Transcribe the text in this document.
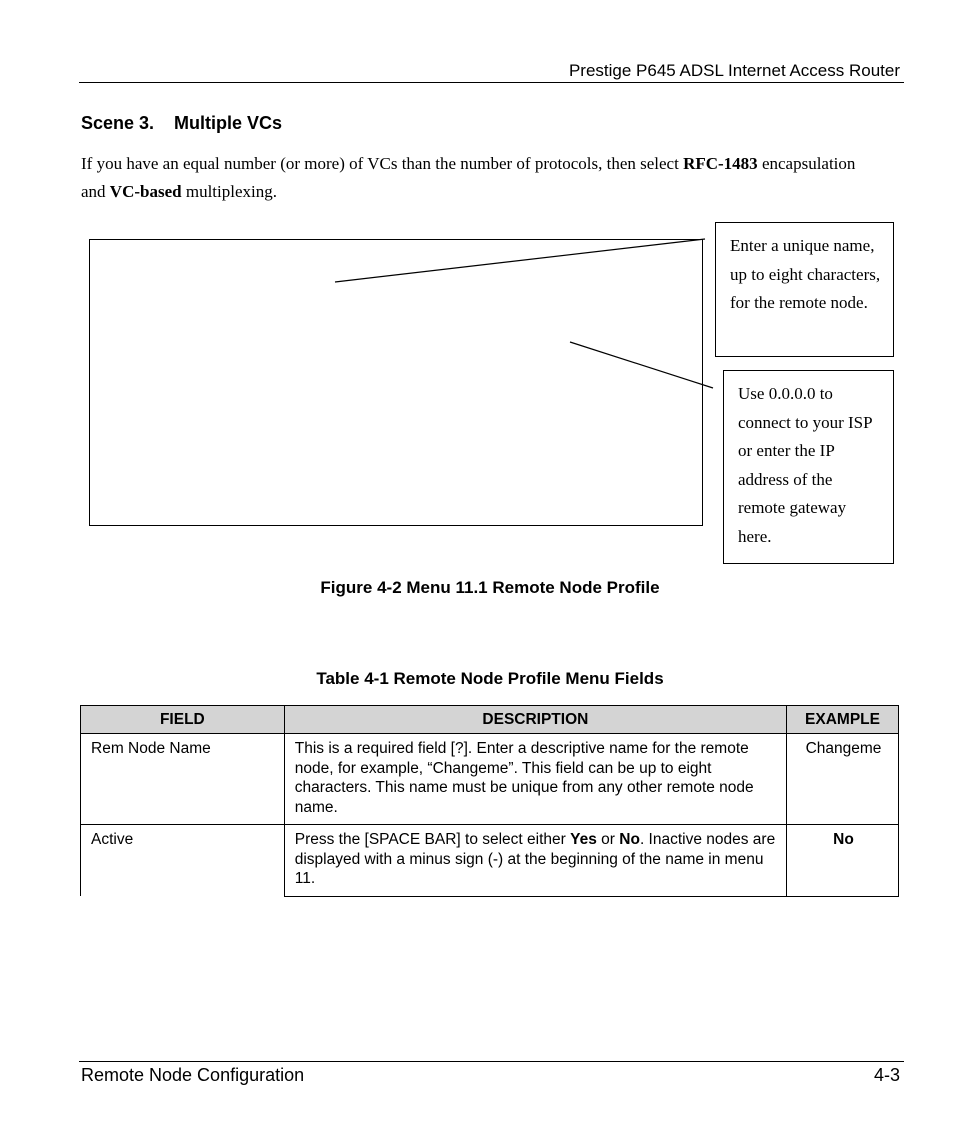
Prestige P645 ADSL Internet Access Router
Scene 3. Multiple VCs

If you have an equal number (or more) of VCs than the number of protocols, then select RFC-1483 encapsulation and VC-based multiplexing.

Enter a unique name, up to eight characters, for the remote node.
Use 0.0.0.0 to connect to your ISP or enter the IP address of the remote gateway here.
Figure 4-2 Menu 11.1 Remote Node Profile
Table 4-1 Remote Node Profile Menu Fields
FIELD	DESCRIPTION	EXAMPLE
Rem Node Name	This is a required field [?]. Enter a descriptive name for the remote node, for example, “Changeme”. This field can be up to eight characters. This name must be unique from any other remote node name.	Changeme
Active	Press the [SPACE BAR] to select either Yes or No. Inactive nodes are displayed with a minus sign (-) at the beginning of the name in menu 11.	No
Remote Node Configuration	4-3
